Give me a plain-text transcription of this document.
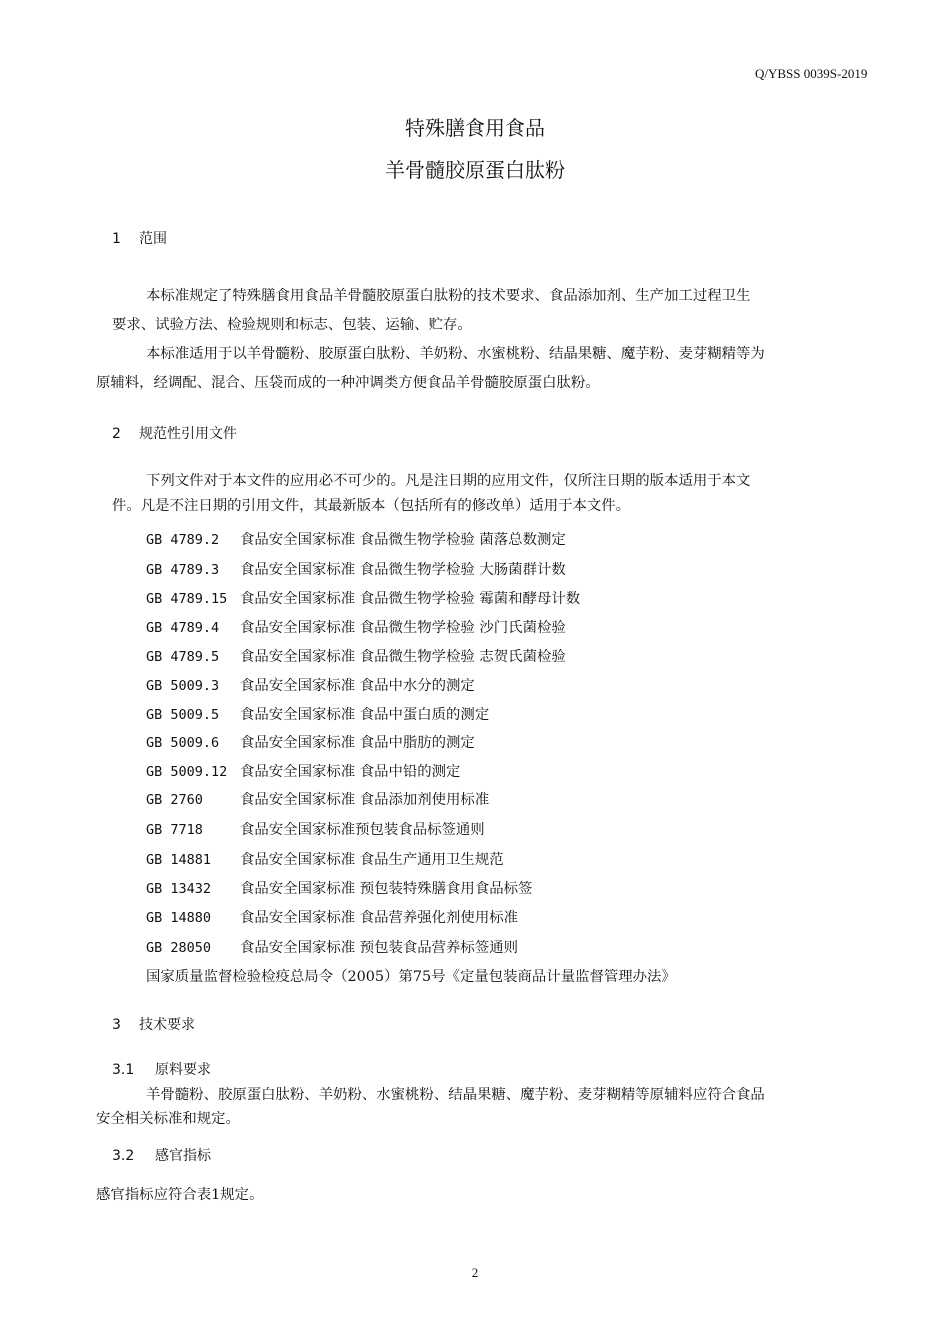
Q/YBSS 0039S-2019
特殊膳食用食品
羊骨髓胶原蛋白肽粉
1 范围
本标准规定了特殊膳食用食品羊骨髓胶原蛋白肽粉的技术要求、食品添加剂、生产加工过程卫生
要求、试验方法、检验规则和标志、包装、运输、贮存。
本标准适用于以羊骨髓粉、胶原蛋白肽粉、羊奶粉、水蜜桃粉、结晶果糖、魔芋粉、麦芽糊精等为
原辅料，经调配、混合、压袋而成的一种冲调类方便食品羊骨髓胶原蛋白肽粉。
2 规范性引用文件
下列文件对于本文件的应用必不可少的。凡是注日期的应用文件，仅所注日期的版本适用于本文
件。凡是不注日期的引用文件，其最新版本（包括所有的修改单）适用于本文件。
GB 4789.2 食品安全国家标准 食品微生物学检验 菌落总数测定
GB 4789.3 食品安全国家标准 食品微生物学检验 大肠菌群计数
GB 4789.15 食品安全国家标准 食品微生物学检验 霉菌和酵母计数
GB 4789.4 食品安全国家标准 食品微生物学检验 沙门氏菌检验
GB 4789.5 食品安全国家标准 食品微生物学检验 志贺氏菌检验
GB 5009.3 食品安全国家标准 食品中水分的测定
GB 5009.5 食品安全国家标准 食品中蛋白质的测定
GB 5009.6 食品安全国家标准 食品中脂肪的测定
GB 5009.12 食品安全国家标准 食品中铅的测定
GB 2760	食品安全国家标准 食品添加剂使用标准
GB 7718	食品安全国家标准预包装食品标签通则
GB 14881 食品安全国家标准 食品生产通用卫生规范
GB 13432 食品安全国家标准 预包装特殊膳食用食品标签
GB 14880 食品安全国家标准 食品营养强化剂使用标准
GB 28050 食品安全国家标准 预包装食品营养标签通则
国家质量监督检验检疫总局令（2005）第75号《定量包装商品计量监督管理办法》
3 技术要求
3.1 原料要求
羊骨髓粉、胶原蛋白肽粉、羊奶粉、水蜜桃粉、结晶果糖、魔芋粉、麦芽糊精等原辅料应符合食品
安全相关标准和规定。
3.2 感官指标
感官指标应符合表1规定。
2
